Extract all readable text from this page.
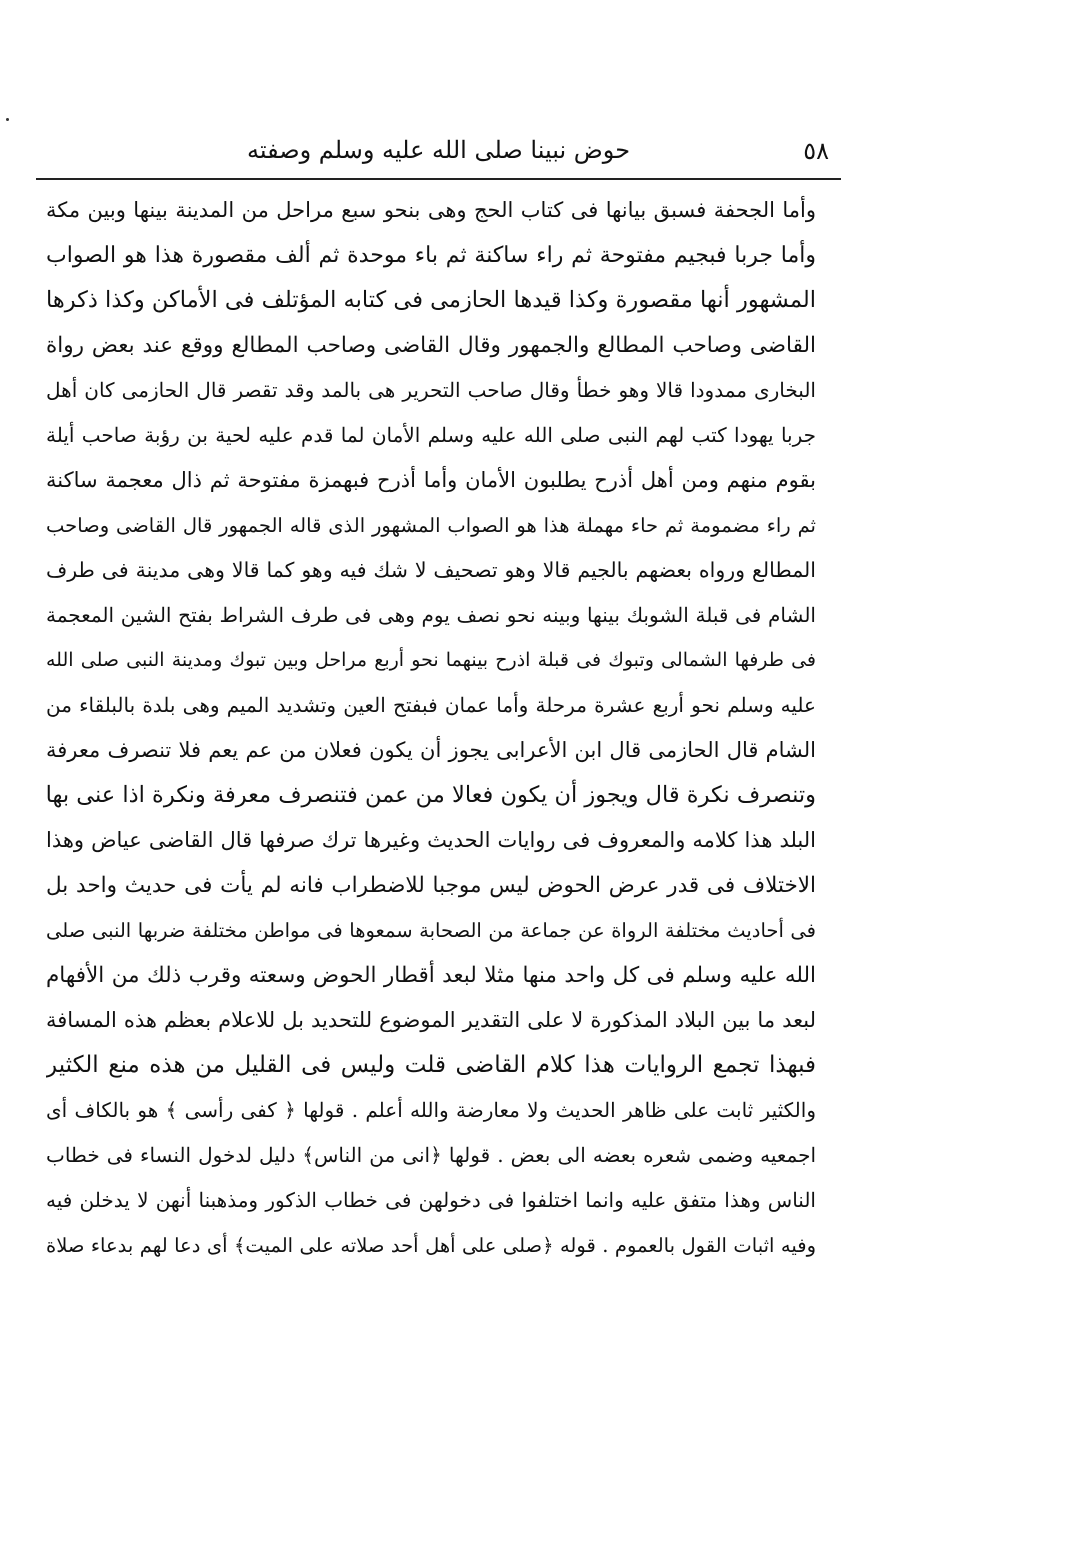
٥٨
حوض نبينا صلى الله عليه وسلم وصفته
وأما الجحفة فسبق بيانها فى كتاب الحج وهى بنحو سبع مراحل من المدينة بينها وبين مكة
وأما جربا فبجيم مفتوحة ثم راء ساكنة ثم باء موحدة ثم ألف مقصورة هذا هو الصواب
المشهور أنها مقصورة وكذا قيدها الحازمى فى كتابه المؤتلف فى الأماكن وكذا ذكرها
القاضى وصاحب المطالع والجمهور وقال القاضى وصاحب المطالع ووقع عند بعض رواة
البخارى ممدودا قالا وهو خطأ وقال صاحب التحرير هى بالمد وقد تقصر قال الحازمى كان أهل
جربا يهودا كتب لهم النبى صلى الله عليه وسلم الأمان لما قدم عليه لحية بن رؤبة صاحب أيلة
بقوم منهم ومن أهل أذرح يطلبون الأمان وأما أذرح فبهمزة مفتوحة ثم ذال معجمة ساكنة
ثم راء مضمومة ثم حاء مهملة هذا هو الصواب المشهور الذى قاله الجمهور قال القاضى وصاحب
المطالع ورواه بعضهم بالجيم قالا وهو تصحيف لا شك فيه وهو كما قالا وهى مدينة فى طرف
الشام فى قبلة الشوبك بينها وبينه نحو نصف يوم وهى فى طرف الشراط بفتح الشين المعجمة
فى طرفها الشمالى وتبوك فى قبلة اذرح بينهما نحو أربع مراحل وبين تبوك ومدينة النبى صلى الله
عليه وسلم نحو أربع عشرة مرحلة وأما عمان فبفتح العين وتشديد الميم وهى بلدة بالبلقاء من
الشام قال الحازمى قال ابن الأعرابى يجوز أن يكون فعلان من عم يعم فلا تنصرف معرفة
وتنصرف نكرة قال ويجوز أن يكون فعالا من عمن فتنصرف معرفة ونكرة اذا عنى بها
البلد هذا كلامه والمعروف فى روايات الحديث وغيرها ترك صرفها قال القاضى عياض وهذا
الاختلاف فى قدر عرض الحوض ليس موجبا للاضطراب فانه لم يأت فى حديث واحد بل
فى أحاديث مختلفة الرواة عن جماعة من الصحابة سمعوها فى مواطن مختلفة ضربها النبى صلى
الله عليه وسلم فى كل واحد منها مثلا لبعد أقطار الحوض وسعته وقرب ذلك من الأفهام
لبعد ما بين البلاد المذكورة لا على التقدير الموضوع للتحديد بل للاعلام بعظم هذه المسافة
فبهذا تجمع الروايات هذا كلام القاضى قلت وليس فى القليل من هذه منع الكثير
والكثير ثابت على ظاهر الحديث ولا معارضة والله أعلم . قولها ﴿ كفى رأسى ﴾ هو بالكاف أى
اجمعيه وضمى شعره بعضه الى بعض . قولها ﴿انى من الناس﴾ دليل لدخول النساء فى خطاب
الناس وهذا متفق عليه وانما اختلفوا فى دخولهن فى خطاب الذكور ومذهبنا أنهن لا يدخلن فيه
وفيه اثبات القول بالعموم . قوله ﴿صلى على أهل أحد صلاته على الميت﴾ أى دعا لهم بدعاء صلاة
